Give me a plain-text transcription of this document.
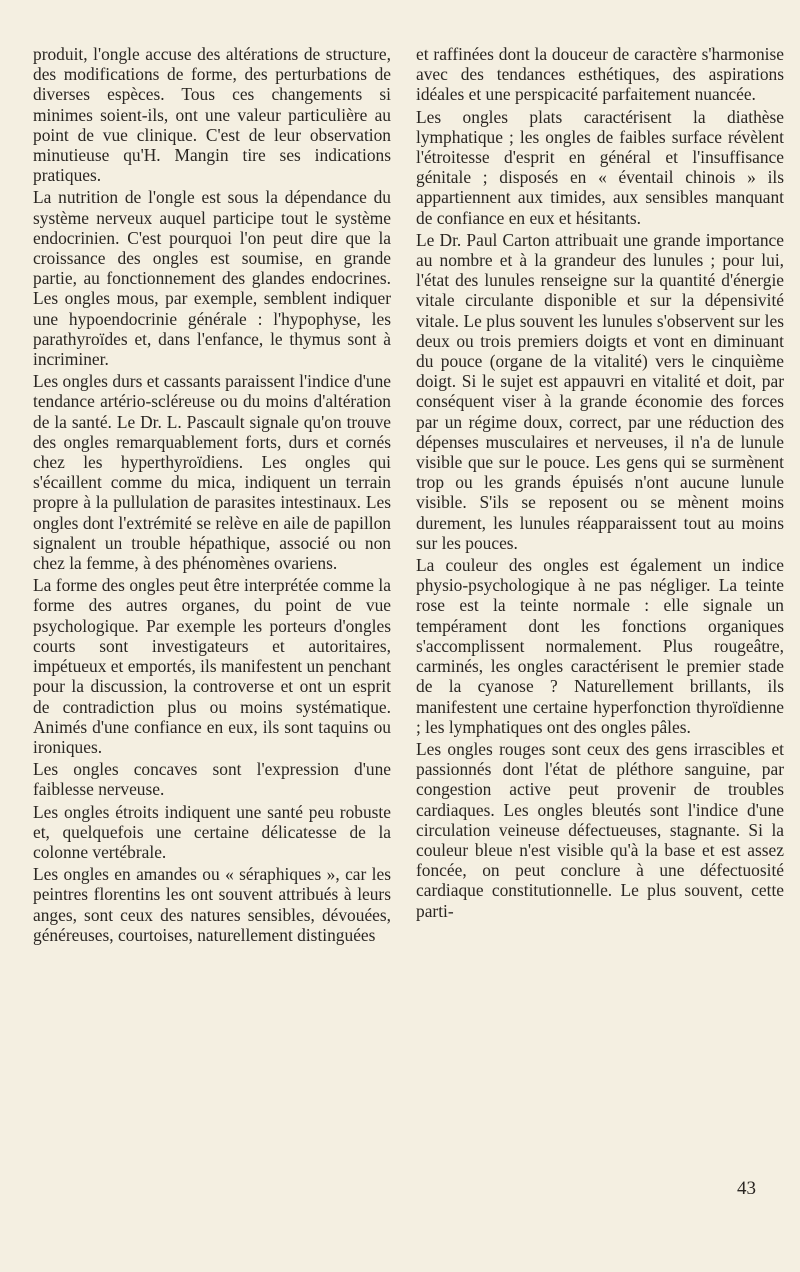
produit, l'ongle accuse des altérations de structure, des modifications de forme, des perturbations de diverses espèces. Tous ces changements si minimes soient-ils, ont une valeur particulière au point de vue clinique. C'est de leur observation minutieuse qu'H. Mangin tire ses indications pratiques.

La nutrition de l'ongle est sous la dépendance du système nerveux auquel participe tout le système endocrinien. C'est pourquoi l'on peut dire que la croissance des ongles est soumise, en grande partie, au fonctionnement des glandes endocrines. Les ongles mous, par exemple, semblent indiquer une hypoendocrinie générale : l'hypophyse, les parathyroïdes et, dans l'enfance, le thymus sont à incriminer.

Les ongles durs et cassants paraissent l'indice d'une tendance artério-scléreuse ou du moins d'altération de la santé. Le Dr. L. Pascault signale qu'on trouve des ongles remarquablement forts, durs et cornés chez les hyperthyroïdiens. Les ongles qui s'écaillent comme du mica, indiquent un terrain propre à la pullulation de parasites intestinaux. Les ongles dont l'extrémité se relève en aile de papillon signalent un trouble hépathique, associé ou non chez la femme, à des phénomènes ovariens.

La forme des ongles peut être interprétée comme la forme des autres organes, du point de vue psychologique. Par exemple les porteurs d'ongles courts sont investigateurs et autoritaires, impétueux et emportés, ils manifestent un penchant pour la discussion, la controverse et ont un esprit de contradiction plus ou moins systématique. Animés d'une confiance en eux, ils sont taquins ou ironiques.

Les ongles concaves sont l'expression d'une faiblesse nerveuse.

Les ongles étroits indiquent une santé peu robuste et, quelquefois une certaine délicatesse de la colonne vertébrale.

Les ongles en amandes ou « séraphiques », car les peintres florentins les ont souvent attribués à leurs anges, sont ceux des natures sensibles, dévouées, généreuses, courtoises, naturellement distinguées

et raffinées dont la douceur de caractère s'harmonise avec des tendances esthétiques, des aspirations idéales et une perspicacité parfaitement nuancée.

Les ongles plats caractérisent la diathèse lymphatique ; les ongles de faibles surface révèlent l'étroitesse d'esprit en général et l'insuffisance génitale ; disposés en « éventail chinois » ils appartiennent aux timides, aux sensibles manquant de confiance en eux et hésitants.

Le Dr. Paul Carton attribuait une grande importance au nombre et à la grandeur des lunules ; pour lui, l'état des lunules renseigne sur la quantité d'énergie vitale circulante disponible et sur la dépensivité vitale. Le plus souvent les lunules s'observent sur les deux ou trois premiers doigts et vont en diminuant du pouce (organe de la vitalité) vers le cinquième doigt. Si le sujet est appauvri en vitalité et doit, par conséquent viser à la grande économie des forces par un régime doux, correct, par une réduction des dépenses musculaires et nerveuses, il n'a de lunule visible que sur le pouce. Les gens qui se surmènent trop ou les grands épuisés n'ont aucune lunule visible. S'ils se reposent ou se mènent moins durement, les lunules réapparaissent tout au moins sur les pouces.

La couleur des ongles est également un indice physio-psychologique à ne pas négliger. La teinte rose est la teinte normale : elle signale un tempérament dont les fonctions organiques s'accomplissent normalement. Plus rougeâtre, carminés, les ongles caractérisent le premier stade de la cyanose ? Naturellement brillants, ils manifestent une certaine hyperfonction thyroïdienne ; les lymphatiques ont des ongles pâles.

Les ongles rouges sont ceux des gens irrascibles et passionnés dont l'état de pléthore sanguine, par congestion active peut provenir de troubles cardiaques. Les ongles bleutés sont l'indice d'une circulation veineuse défectueuses, stagnante. Si la couleur bleue n'est visible qu'à la base et est assez foncée, on peut conclure à une défectuosité cardiaque constitutionnelle. Le plus souvent, cette parti-

43
